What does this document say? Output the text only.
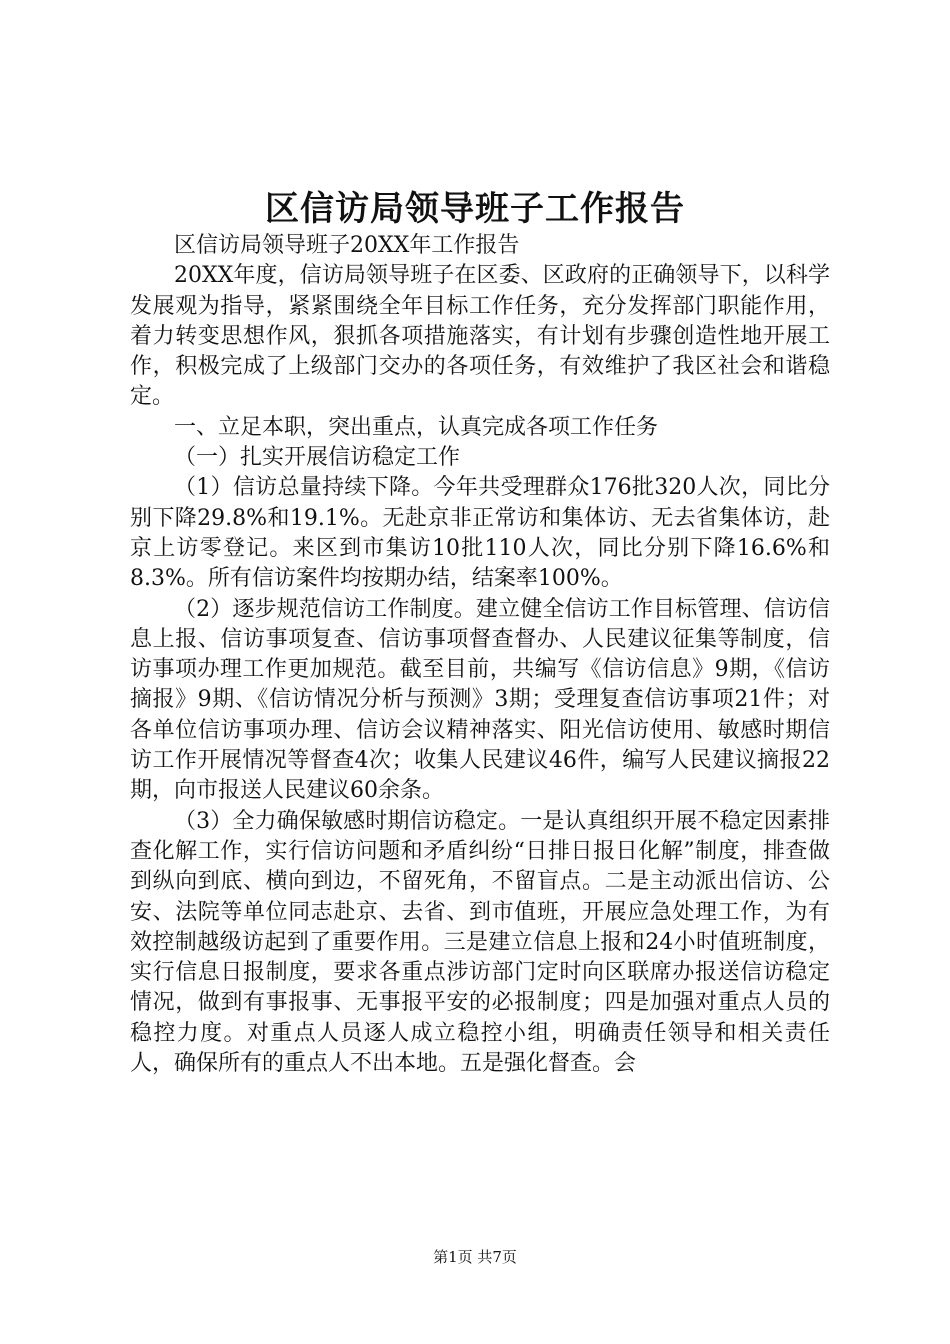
区信访局领导班子工作报告

区信访局领导班子20XX年工作报告

20XX年度，信访局领导班子在区委、区政府的正确领导下，以科学发展观为指导，紧紧围绕全年目标工作任务，充分发挥部门职能作用，着力转变思想作风，狠抓各项措施落实，有计划有步骤创造性地开展工作，积极完成了上级部门交办的各项任务，有效维护了我区社会和谐稳定。

一、立足本职，突出重点，认真完成各项工作任务

（一）扎实开展信访稳定工作

（1）信访总量持续下降。今年共受理群众176批320人次，同比分别下降29.8%和19.1%。无赴京非正常访和集体访、无去省集体访，赴京上访零登记。来区到市集访10批110人次，同比分别下降16.6%和8.3%。所有信访案件均按期办结，结案率100%。

（2）逐步规范信访工作制度。建立健全信访工作目标管理、信访信息上报、信访事项复查、信访事项督查督办、人民建议征集等制度，信访事项办理工作更加规范。截至目前，共编写《信访信息》9期，《信访摘报》9期、《信访情况分析与预测》3期；受理复查信访事项21件；对各单位信访事项办理、信访会议精神落实、阳光信访使用、敏感时期信访工作开展情况等督查4次；收集人民建议46件，编写人民建议摘报22期，向市报送人民建议60余条。

（3）全力确保敏感时期信访稳定。一是认真组织开展不稳定因素排查化解工作，实行信访问题和矛盾纠纷“日排日报日化解”制度，排查做到纵向到底、横向到边，不留死角，不留盲点。二是主动派出信访、公安、法院等单位同志赴京、去省、到市值班，开展应急处理工作，为有效控制越级访起到了重要作用。三是建立信息上报和24小时值班制度，实行信息日报制度，要求各重点涉访部门定时向区联席办报送信访稳定情况，做到有事报事、无事报平安的必报制度；四是加强对重点人员的稳控力度。对重点人员逐人成立稳控小组，明确责任领导和相关责任人，确保所有的重点人不出本地。五是强化督查。会

第1页 共7页
